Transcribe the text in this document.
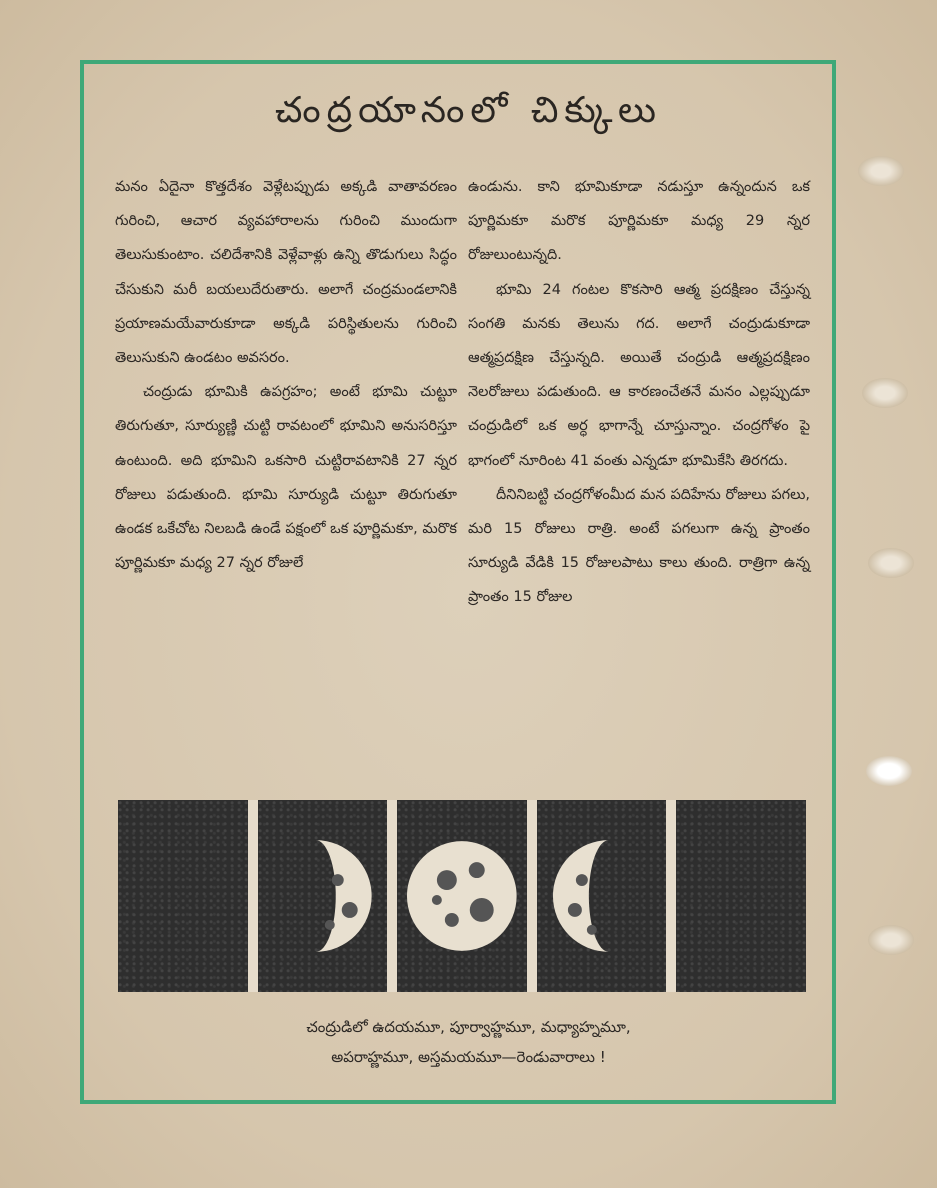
చంద్రయానంలో చిక్కులు

మనం ఏదైనా కొత్తదేశం వెళ్లేటప్పుడు అక్కడి వాతావరణం గురించి, ఆచార వ్యవహారాలను గురించి ముందుగా తెలుసుకుంటాం. చలిదేశానికి వెళ్లేవాళ్లు ఉన్ని తొడుగులు సిద్ధం చేసుకుని మరీ బయలుదేరుతారు. అలాగే చంద్రమండలానికి ప్రయాణమయేవారుకూడా అక్కడి పరిస్థితులను గురించి తెలుసుకుని ఉండటం అవసరం.

చంద్రుడు భూమికి ఉపగ్రహం; అంటే భూమి చుట్టూ తిరుగుతూ, సూర్యుణ్ణి చుట్టి రావటంలో భూమిని అనుసరిస్తూ ఉంటుంది. అది భూమిని ఒకసారి చుట్టిరావటానికి 27 న్నర రోజులు పడుతుంది. భూమి సూర్యుడి చుట్టూ తిరుగుతూ ఉండక ఒకేచోట నిలబడి ఉండే పక్షంలో ఒక పూర్ణిమకూ, మరొక పూర్ణిమకూ మధ్య 27 న్నర రోజులే

ఉండును. కాని భూమికూడా నడుస్తూ ఉన్నందున ఒక పూర్ణిమకూ మరొక పూర్ణిమకూ మధ్య 29 న్నర రోజులుంటున్నది.

భూమి 24 గంటల కొకసారి ఆత్మ ప్రదక్షిణం చేస్తున్న సంగతి మనకు తెలును గద. అలాగే చంద్రుడుకూడా ఆత్మప్రదక్షిణ చేస్తున్నది. అయితే చంద్రుడి ఆత్మప్రదక్షిణం నెలరోజులు పడుతుంది. ఆ కారణంచేతనే మనం ఎల్లప్పుడూ చంద్రుడిలో ఒక అర్ధ భాగాన్నే చూస్తున్నాం. చంద్రగోళం పై భాగంలో నూరింట 41 వంతు ఎన్నడూ భూమికేసి తిరగదు.

దీనినిబట్టి చంద్రగోళంమీద మన పదిహేను రోజులు పగలు, మరి 15 రోజులు రాత్రి. అంటే పగలుగా ఉన్న ప్రాంతం సూర్యుడి వేడికి 15 రోజులపాటు కాలు తుంది. రాత్రిగా ఉన్న ప్రాంతం 15 రోజుల

చంద్రుడిలో ఉదయమూ, పూర్వాహ్ణమూ, మధ్యాహ్నమూ,
అపరాహ్ణమూ, అస్తమయమూ—రెండువారాలు !
